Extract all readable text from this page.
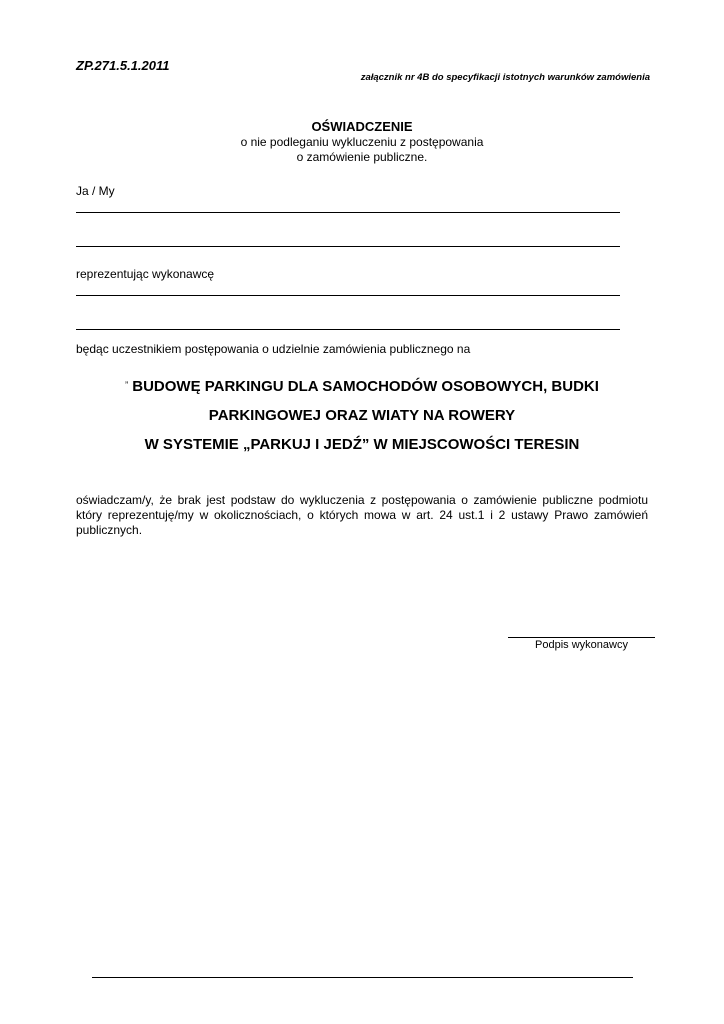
ZP.271.5.1.2011
załącznik nr 4B do specyfikacji istotnych warunków zamówienia
OŚWIADCZENIE
o nie podleganiu wykluczeniu z postępowania
o zamówienie publiczne.
Ja / My
reprezentując wykonawcę
będąc uczestnikiem postępowania o udzielnie zamówienia publicznego na
” BUDOWĘ PARKINGU DLA SAMOCHODÓW OSOBOWYCH, BUDKI
PARKINGOWEJ ORAZ WIATY NA ROWERY
W SYSTEMIE „PARKUJ I JEDŹ” W MIEJSCOWOŚCI TERESIN
oświadczam/y, że brak jest podstaw do wykluczenia z postępowania o zamówienie publiczne podmiotu który reprezentuję/my w okolicznościach, o których mowa w art. 24 ust.1 i 2 ustawy Prawo zamówień publicznych.
Podpis wykonawcy
